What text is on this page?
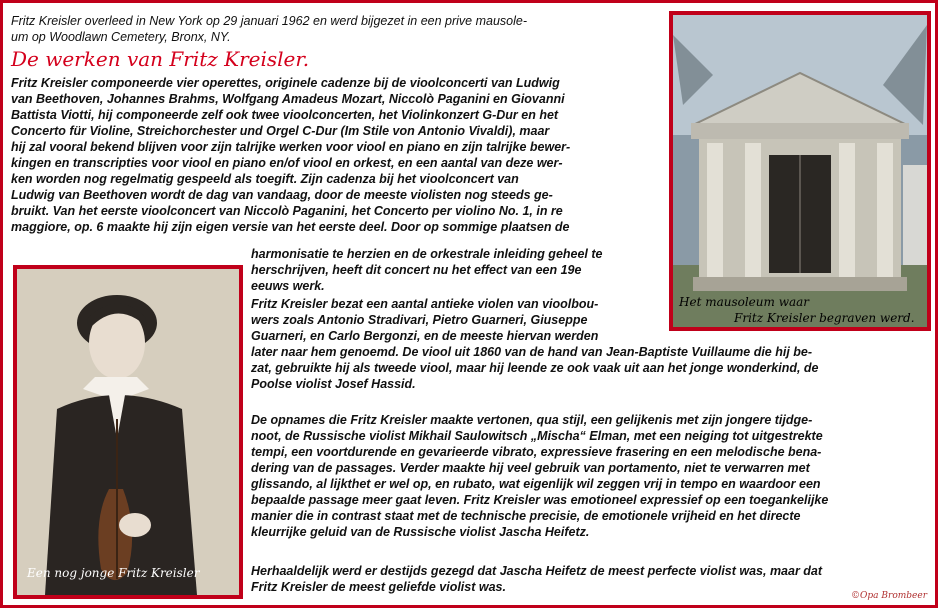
Fritz Kreisler overleed in New York op 29 januari 1962 en werd bijgezet in een prive mausole-

um op Woodlawn Cemetery, Bronx, NY.

De werken van Fritz Kreisler.

Fritz Kreisler componeerde vier operettes, originele cadenze bij de vioolconcerti van Ludwig

van Beethoven, Johannes Brahms, Wolfgang Amadeus Mozart, Niccolò Paganini en Giovanni

Battista Viotti, hij componeerde zelf ook twee vioolconcerten, het Violinkonzert G-Dur en het

Concerto für Violine, Streichorchester und Orgel C-Dur (Im Stile von Antonio Vivaldi), maar

hij zal vooral bekend blijven voor zijn talrijke werken voor viool en piano en zijn talrijke bewer-

kingen en transcripties voor viool en piano en/of viool en orkest, en een aantal van deze wer-

ken worden nog regelmatig gespeeld als toegift. Zijn cadenza bij het vioolconcert van

Ludwig van Beethoven wordt de dag van vandaag, door de meeste violisten nog steeds ge-

bruikt. Van het eerste vioolconcert van Niccolò Paganini, het Concerto per violino No. 1, in re

maggiore, op. 6 maakte hij zijn eigen versie van het eerste deel. Door op sommige plaatsen de

harmonisatie te herzien en de orkestrale inleiding geheel te

herschrijven, heeft dit concert nu het effect van een 19e

eeuws werk.

Fritz Kreisler bezat een aantal antieke violen van vioolbou-

wers zoals Antonio Stradivari, Pietro Guarneri, Giuseppe

Guarneri, en Carlo Bergonzi, en de meeste hiervan werden

later naar hem genoemd. De viool uit 1860 van de hand van Jean-Baptiste Vuillaume die hij be-

zat, gebruikte hij als tweede viool, maar hij leende ze ook vaak uit aan het jonge wonderkind, de

Poolse violist Josef Hassid.

De opnames die Fritz Kreisler maakte vertonen, qua stijl, een gelijkenis met zijn jongere tijdge-

noot, de Russische violist Mikhail Saulowitsch „Mischa“ Elman, met een neiging tot uitgestrekte

tempi, een voortdurende en gevarieerde vibrato, expressieve frasering en een melodische bena-

dering van de passages. Verder maakte hij veel gebruik van portamento, niet te verwarren met

glissando, al lijkthet er wel op, en rubato, wat eigenlijk wil zeggen vrij in tempo en waardoor een

bepaalde passage meer gaat leven. Fritz Kreisler was emotioneel expressief op een toegankelijke

manier die in contrast staat met de technische precisie, de emotionele vrijheid en het directe

kleurrijke geluid van de Russische violist Jascha Heifetz.

Herhaaldelijk werd er destijds gezegd dat Jascha Heifetz de meest perfecte violist was, maar dat

Fritz Kreisler de meest geliefde violist was.

Het mausoleum waar
Fritz Kreisler begraven werd.
Een nog jonge Fritz Kreisler
©Opa Brombeer
